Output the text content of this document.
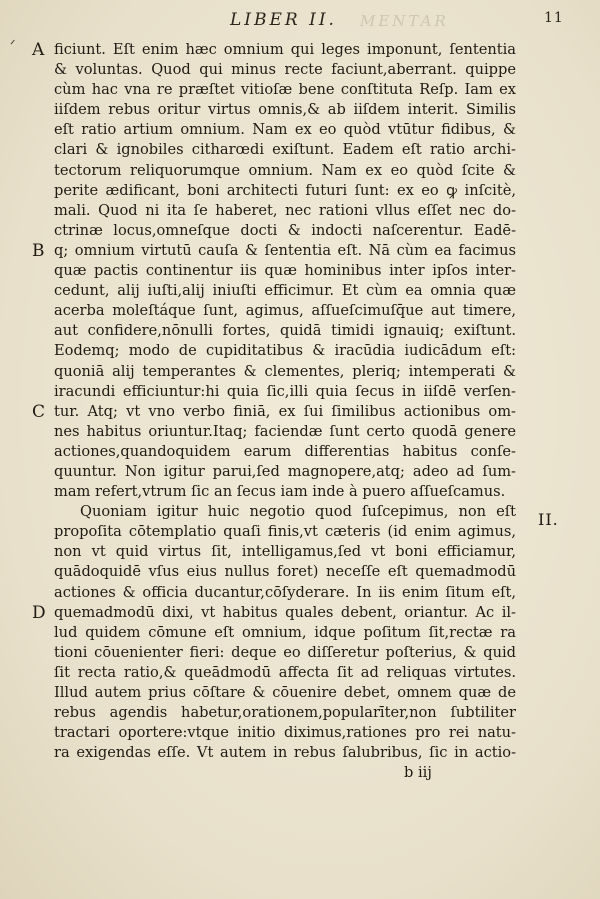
MENTAR
LIBER II.	11
ᐟ A
B
C
D
II.
ficiunt. Eſt enim hæc omnium qui leges imponunt, ſententia
& voluntas. Quod qui minus recte faciunt,aberrant. quippe
cùm hac vna re præſtet vitioſæ bene conſtituta Reſp. Iam ex
iiſdem rebus oritur virtus omnis,& ab iiſdem interit. Similis
eſt ratio artium omnium. Nam ex eo quòd vtūtur fidibus, &
clari & ignobiles citharœdi exiſtunt. Eadem eſt ratio archi-
tectorum reliquorumque omnium. Nam ex eo quòd ſcite &
perite ædificant, boni architecti futuri ſunt: ex eo ꝙ inſcitè,
mali. Quod ni ita ſe haberet, nec rationi vllus eſſet nec do-
ctrinæ locus,omneſque docti & indocti naſcerentur. Eadē-
q; omnium virtutū cauſa & ſententia eſt. Nā cùm ea facimus
quæ pactis continentur iis quæ hominibus inter ipſos inter-
cedunt, alij iuſti,alij iniuſti efficimur. Et cùm ea omnia quæ
acerba moleſtáque ſunt, agimus, aſſueſcimuſq̄ue aut timere,
aut confidere,nōnulli fortes, quidā timidi ignauiq; exiſtunt.
Eodemq; modo de cupiditatibus & iracūdia iudicādum eſt:
quoniā alij temperantes & clementes, pleriq; intemperati &
iracundi efficiuntur:hi quia ſic,illi quia ſecus in iiſdē verſen-
tur. Atq; vt vno verbo finiā, ex ſui ſimilibus actionibus om-
nes habitus oriuntur.Itaq; faciendæ ſunt certo quodā genere
actiones,quandoquidem earum differentias habitus conſe-
quuntur. Non igitur parui,ſed magnopere,atq; adeo ad ſum-
mam refert,vtrum ſic an ſecus iam inde à puero aſſueſcamus.
Quoniam igitur huic negotio quod ſuſcepimus, non eſt
propoſita cōtemplatio quaſi finis,vt cæteris (id enim agimus,
non vt quid virtus ſit, intelligamus,ſed vt boni efficiamur,
quādoquidē vſus eius nullus foret) neceſſe eſt quemadmodū
actiones & officia ducantur,cōſyderare. In iis enim ſitum eſt,
quemadmodū dixi, vt habitus quales debent, oriantur. Ac il-
lud quidem cōmune eſt omnium, idque poſitum ſit,rectæ ra
tioni cōuenienter fieri: deque eo diſſeretur poſterius, & quid
ſit recta ratio,& queādmodū affecta ſit ad reliquas virtutes.
Illud autem prius cōſtare & cōuenire debet, omnem quæ de
rebus agendis habetur,orationem,popularīter,non ſubtiliter
tractari oportere:vtque initio diximus,rationes pro rei natu-
ra exigendas eſſe. Vt autem in rebus ſalubribus, ſic in actio-
b iij
